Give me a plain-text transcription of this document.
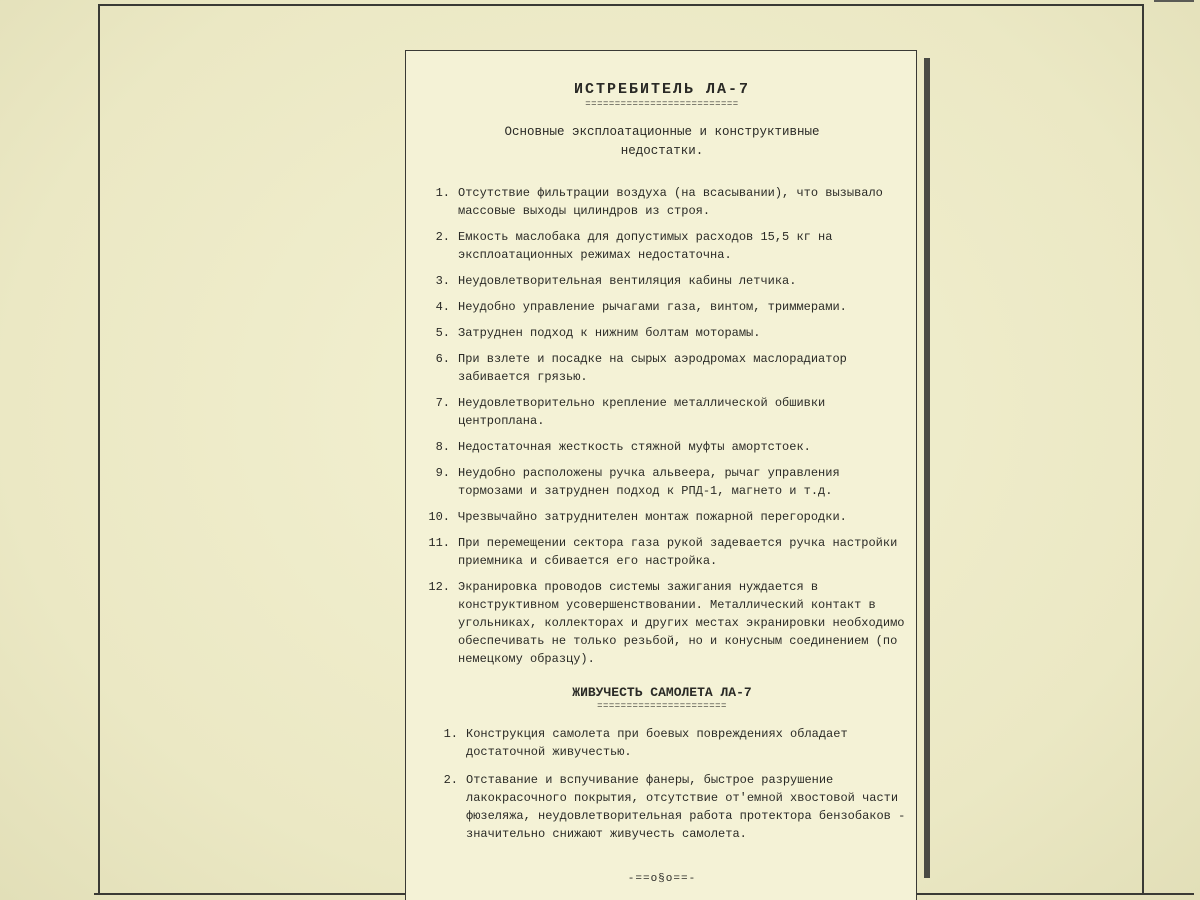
ИСТРЕБИТЕЛЬ ЛА-7
==========================
Основные эксплоатационные и конструктивные недостатки.
1. Отсутствие фильтрации воздуха (на всасывании), что вызывало массовые выходы цилиндров из строя.
2. Емкость маслобака для допустимых расходов 15,5 кг на эксплоатационных режимах недостаточна.
3. Неудовлетворительная вентиляция кабины летчика.
4. Неудобно управление рычагами газа, винтом, триммерами.
5. Затруднен подход к нижним болтам моторамы.
6. При взлете и посадке на сырых аэродромах маслорадиатор забивается грязью.
7. Неудовлетворительно крепление металлической обшивки центроплана.
8. Недостаточная жесткость стяжной муфты амортстоек.
9. Неудобно расположены ручка альвеера, рычаг управления тормозами и затруднен подход к РПД-1, магнето и т.д.
10. Чрезвычайно затруднителен монтаж пожарной перегородки.
11. При перемещении сектора газа рукой задевается ручка настройки приемника и сбивается его настройка.
12. Экранировка проводов системы зажигания нуждается в конструктивном усовершенствовании. Металлический контакт в угольниках, коллекторах и других местах экранировки необходимо обеспечивать не только резьбой, но и конусным соединением (по немецкому образцу).
ЖИВУЧЕСТЬ САМОЛЕТА ЛА-7
======================
1. Конструкция самолета при боевых повреждениях обладает достаточной живучестью.
2. Отставание и вспучивание фанеры, быстрое разрушение лакокрасочного покрытия, отсутствие от'емной хвостовой части фюзеляжа, неудовлетворительная работа протектора бензобаков - значительно снижают живучесть самолета.
-==o§o==-
